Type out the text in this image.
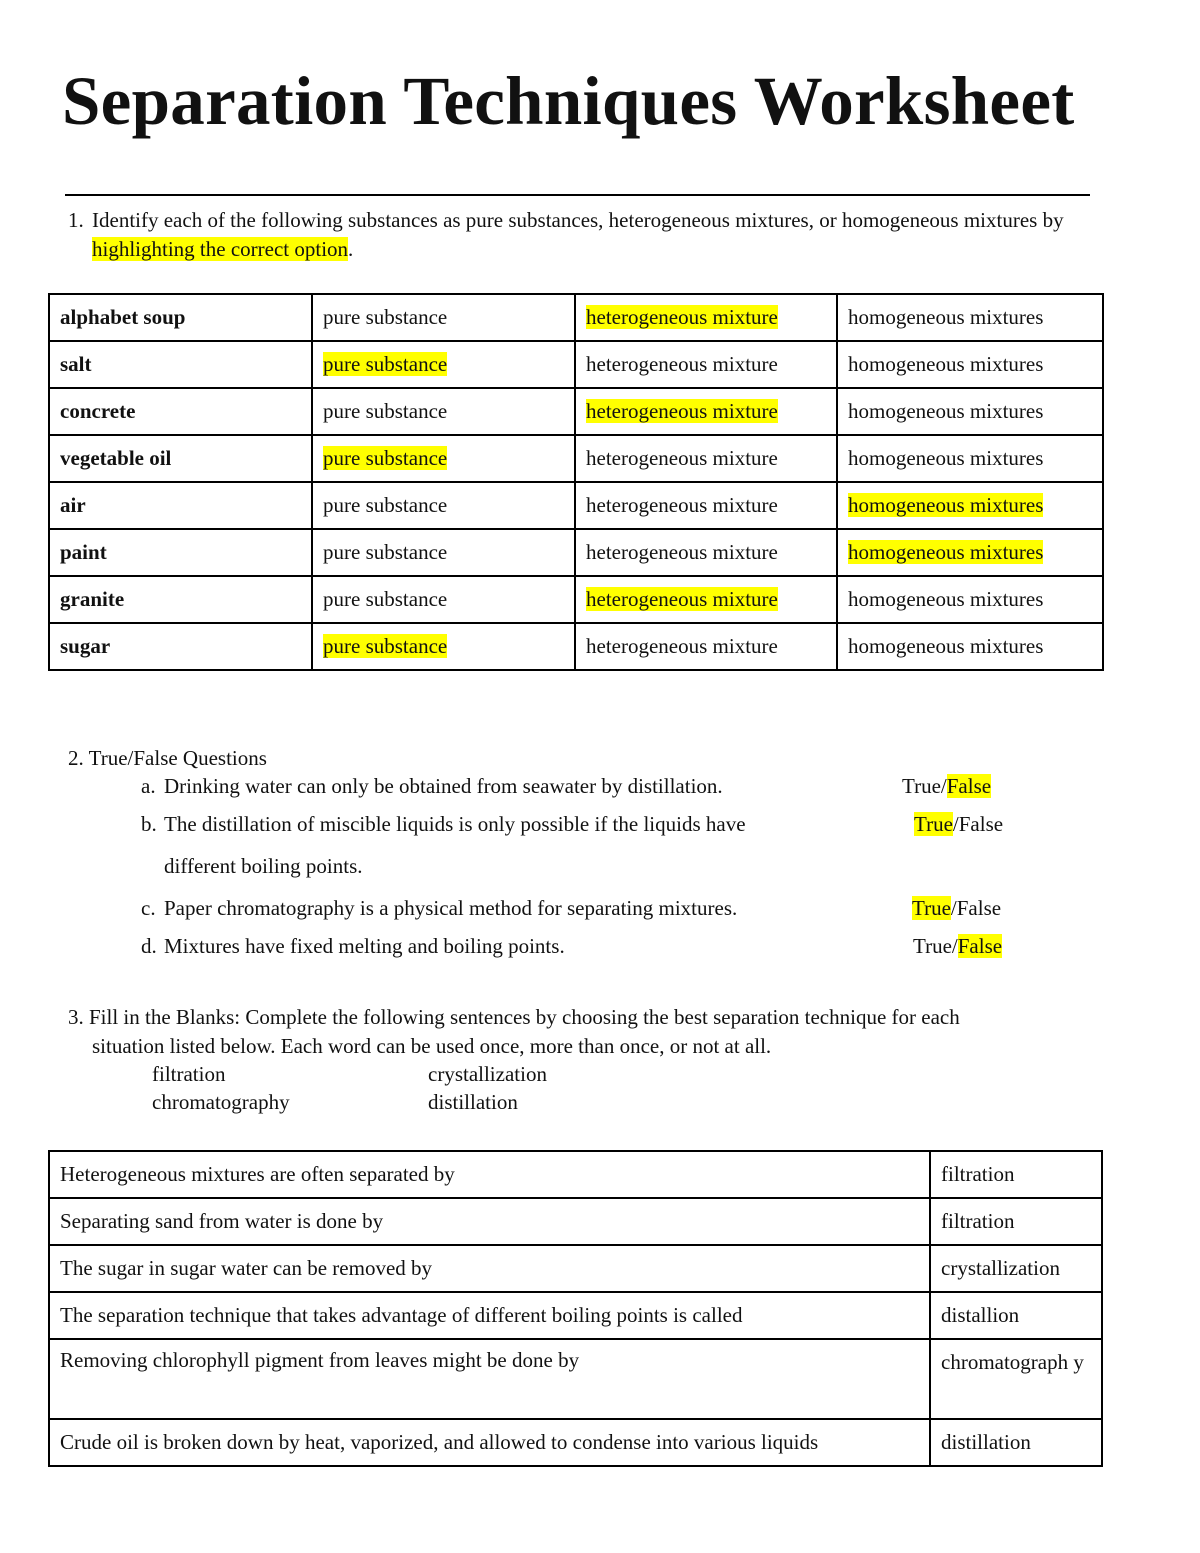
Separation Techniques Worksheet
1. Identify each of the following substances as pure substances, heterogeneous mixtures, or homogeneous mixtures by highlighting the correct option.
alphabet soup	pure substance	heterogeneous mixture	homogeneous mixtures
salt	pure substance	heterogeneous mixture	homogeneous mixtures
concrete	pure substance	heterogeneous mixture	homogeneous mixtures
vegetable oil	pure substance	heterogeneous mixture	homogeneous mixtures
air	pure substance	heterogeneous mixture	homogeneous mixtures
paint	pure substance	heterogeneous mixture	homogeneous mixtures
granite	pure substance	heterogeneous mixture	homogeneous mixtures
sugar	pure substance	heterogeneous mixture	homogeneous mixtures
2. True/False Questions
a. Drinking water can only be obtained from seawater by distillation.	True/False
b. The distillation of miscible liquids is only possible if the liquids have
different boiling points.
True/False
c. Paper chromatography is a physical method for separating mixtures.	True/False
d. Mixtures have fixed melting and boiling points.	True/False
3. Fill in the Blanks: Complete the following sentences by choosing the best separation technique for each
situation listed below. Each word can be used once, more than once, or not at all.
filtration	crystallization
chromatography	distillation
Heterogeneous mixtures are often separated by	filtration
Separating sand from water is done by	filtration
The sugar in sugar water can be removed by	crystallization
The separation technique that takes advantage of different boiling points is called	distallion
Removing chlorophyll pigment from leaves might be done by	chromatograph y
Crude oil is broken down by heat, vaporized, and allowed to condense into various liquids	distillation
